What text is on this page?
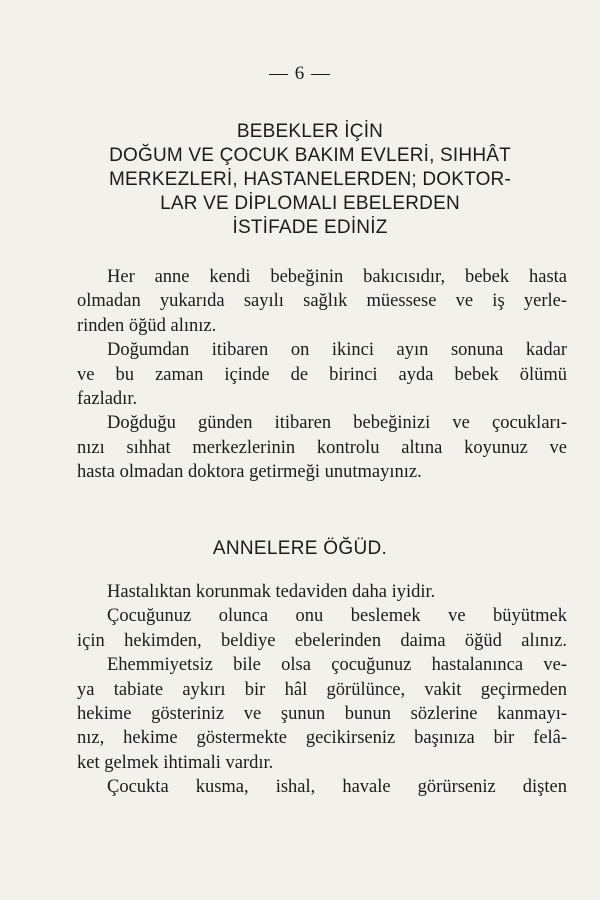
— 6 —
BEBEKLER İÇİN
DOĞUM VE ÇOCUK BAKIM EVLERİ, SIHHÂT
MERKEZLERİ, HASTANELERDEN; DOKTOR-
LAR VE DİPLOMALI EBELERDEN
İSTİFADE EDİNİZ
Her anne kendi bebeğinin bakıcısıdır, bebek hasta
olmadan yukarıda sayılı sağlık müessese ve iş yerle-
rinden öğüd alınız.
Doğumdan itibaren on ikinci ayın sonuna kadar
ve bu zaman içinde de birinci ayda bebek ölümü
fazladır.
Doğduğu günden itibaren bebeğinizi ve çocukları-
nızı sıhhat merkezlerinin kontrolu altına koyunuz ve
hasta olmadan doktora getirmeği unutmayınız.
ANNELERE ÖĞÜD.
Hastalıktan korunmak tedaviden daha iyidir.
Çocuğunuz olunca onu beslemek ve büyütmek
için hekimden, beldiye ebelerinden daima öğüd alınız.
Ehemmiyetsiz bile olsa çocuğunuz hastalanınca ve-
ya tabiate aykırı bir hâl görülünce, vakit geçirmeden
hekime gösteriniz ve şunun bunun sözlerine kanmayı-
nız, hekime göstermekte gecikirseniz başınıza bir felâ-
ket gelmek ihtimali vardır.
Çocukta kusma, ishal, havale görürseniz dişten
